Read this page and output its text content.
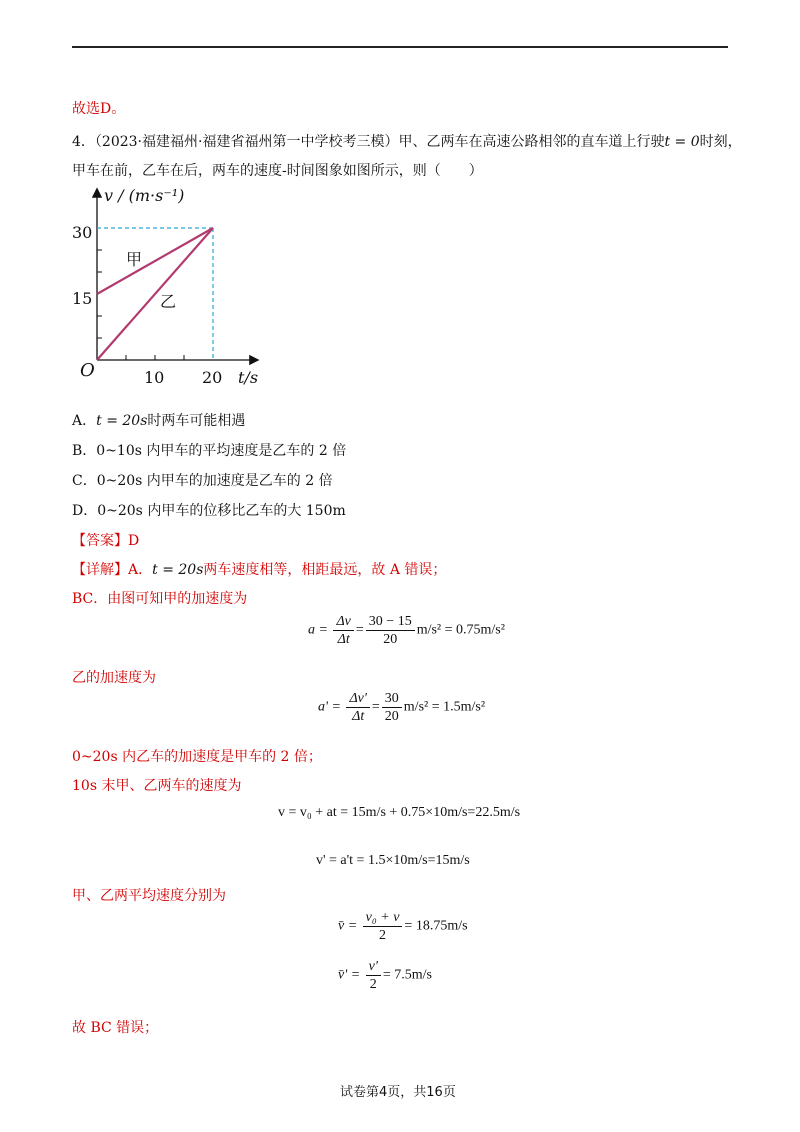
故选D。
4．（2023·福建福州·福建省福州第一中学校考三模）甲、乙两车在高速公路相邻的直车道上行驶t = 0时刻，
甲车在前，乙车在后，两车的速度-时间图象如图所示，则（　　）
v / (m·s⁻¹)
30
15
O	10 20 t/s
甲
乙
A．t = 20s时两车可能相遇
B．0~10s 内甲车的平均速度是乙车的 2 倍
C．0~20s 内甲车的加速度是乙车的 2 倍
D．0~20s 内甲车的位移比乙车的大 150m
【答案】D
【详解】A．t = 20s两车速度相等，相距最远，故 A 错误；
BC．由图可知甲的加速度为
$a = \frac{\Delta v}{\Delta t} = \frac{30 - 15}{20} m/s^2 = 0.75m/s^2$
乙的加速度为
$a' = \frac{\Delta v'}{\Delta t} = \frac{30}{20} m/s^2 = 1.5m/s^2$
0~20s 内乙车的加速度是甲车的 2 倍；
10s 末甲、乙两车的速度为
v = v₀ + at = 15m/s + 0.75×10m/s=22.5m/s
v' = a't = 1.5×10m/s=15m/s
甲、乙两平均速度分别为
v̄ = $\frac{\text{v₀ + v}}{2} = 18.75m/s$
v̄' = $\frac{v'}{2} = 7.5m/s$
故 BC 错误；
试卷第4页，共16页
